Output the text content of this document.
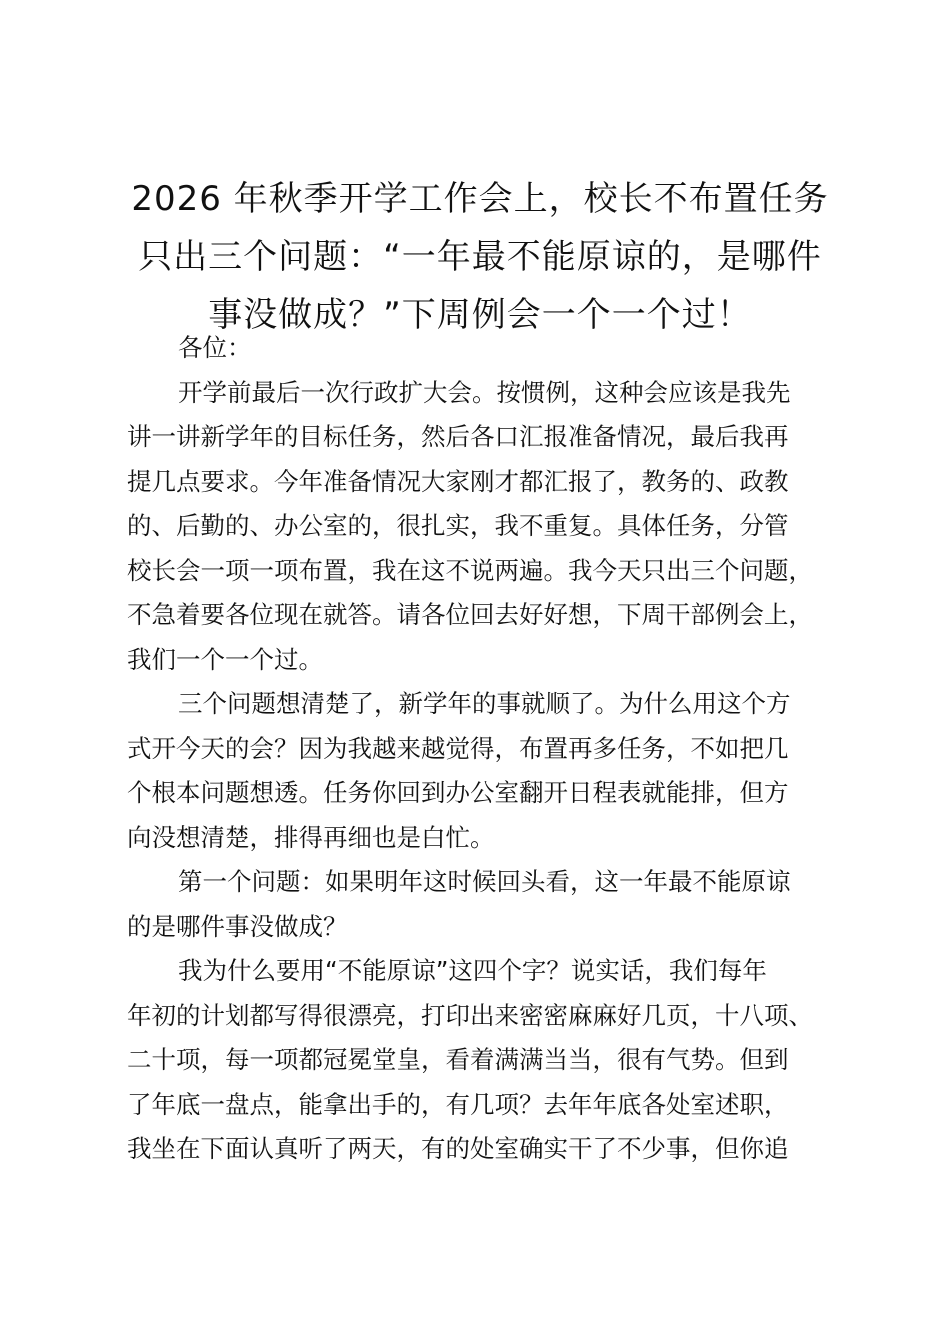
2026 年秋季开学工作会上，校长不布置任务
只出三个问题：“一年最不能原谅的，是哪件
事没做成？”下周例会一个一个过！
各位：
开学前最后一次行政扩大会。按惯例，这种会应该是我先
讲一讲新学年的目标任务，然后各口汇报准备情况，最后我再
提几点要求。今年准备情况大家刚才都汇报了，教务的、政教
的、后勤的、办公室的，很扎实，我不重复。具体任务，分管
校长会一项一项布置，我在这不说两遍。我今天只出三个问题，
不急着要各位现在就答。请各位回去好好想，下周干部例会上，
我们一个一个过。
三个问题想清楚了，新学年的事就顺了。为什么用这个方
式开今天的会？因为我越来越觉得，布置再多任务，不如把几
个根本问题想透。任务你回到办公室翻开日程表就能排，但方
向没想清楚，排得再细也是白忙。
第一个问题：如果明年这时候回头看，这一年最不能原谅
的是哪件事没做成？
我为什么要用“不能原谅”这四个字？说实话，我们每年
年初的计划都写得很漂亮，打印出来密密麻麻好几页，十八项、
二十项，每一项都冠冕堂皇，看着满满当当，很有气势。但到
了年底一盘点，能拿出手的，有几项？去年年底各处室述职，
我坐在下面认真听了两天，有的处室确实干了不少事，但你追
